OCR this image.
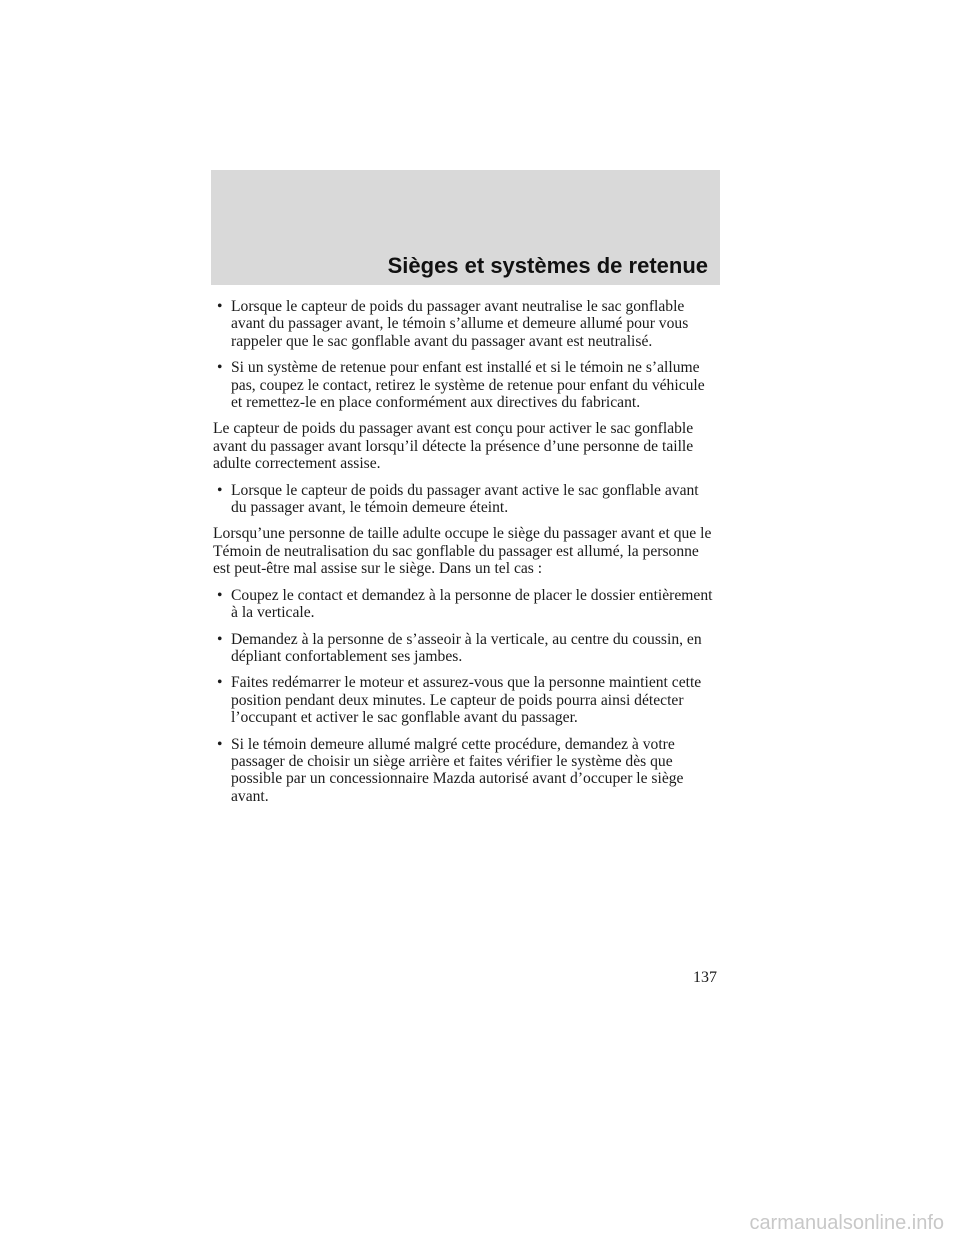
Sièges et systèmes de retenue
• Lorsque le capteur de poids du passager avant neutralise le sac gonflable avant du passager avant, le témoin s’allume et demeure allumé pour vous rappeler que le sac gonflable avant du passager avant est neutralisé.
• Si un système de retenue pour enfant est installé et si le témoin ne s’allume pas, coupez le contact, retirez le système de retenue pour enfant du véhicule et remettez-le en place conformément aux directives du fabricant.

Le capteur de poids du passager avant est conçu pour activer le sac gonflable avant du passager avant lorsqu’il détecte la présence d’une personne de taille adulte correctement assise.

• Lorsque le capteur de poids du passager avant active le sac gonflable avant du passager avant, le témoin demeure éteint.

Lorsqu’une personne de taille adulte occupe le siège du passager avant et que le Témoin de neutralisation du sac gonflable du passager est allumé, la personne est peut-être mal assise sur le siège. Dans un tel cas :

• Coupez le contact et demandez à la personne de placer le dossier entièrement à la verticale.
• Demandez à la personne de s’asseoir à la verticale, au centre du coussin, en dépliant confortablement ses jambes.
• Faites redémarrer le moteur et assurez-vous que la personne maintient cette position pendant deux minutes. Le capteur de poids pourra ainsi détecter l’occupant et activer le sac gonflable avant du passager.
• Si le témoin demeure allumé malgré cette procédure, demandez à votre passager de choisir un siège arrière et faites vérifier le système dès que possible par un concessionnaire Mazda autorisé avant d’occuper le siège avant.
137
carmanualsonline.info
